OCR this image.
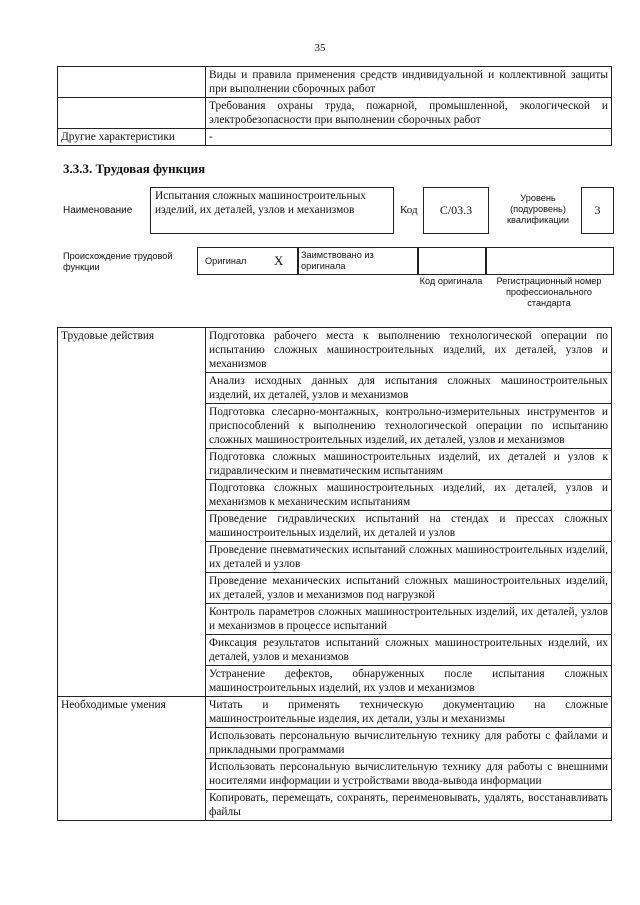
35
	Виды и правила применения средств индивидуальной и коллективной защиты при выполнении сборочных работ
	Требования охраны труда, пожарной, промышленной, экологической и электробезопасности при выполнении сборочных работ
Другие характеристики	-
3.3.3. Трудовая функция
Наименование
Испытания сложных машиностроительных изделий, их деталей, узлов и механизмов	Код	С/03.3
Уровень (подуровень) квалификации
3
Происхождение трудовой функции
Оригинал Х	Заимствовано из оригинала
Код оригинала	Регистрационный номер профессионального стандарта
Трудовые действия	Подготовка рабочего места к выполнению технологической операции по испытанию сложных машиностроительных изделий, их деталей, узлов и механизмов
	Анализ исходных данных для испытания сложных машиностроительных изделий, их деталей, узлов и механизмов
	Подготовка слесарно-монтажных, контрольно-измерительных инструментов и приспособлений к выполнению технологической операции по испытанию сложных машиностроительных изделий, их деталей, узлов и механизмов
	Подготовка сложных машиностроительных изделий, их деталей и узлов к гидравлическим и пневматическим испытаниям
	Подготовка сложных машиностроительных изделий, их деталей, узлов и механизмов к механическим испытаниям
	Проведение гидравлических испытаний на стендах и прессах сложных машиностроительных изделий, их деталей и узлов
	Проведение пневматических испытаний сложных машиностроительных изделий, их деталей и узлов
	Проведение механических испытаний сложных машиностроительных изделий, их деталей, узлов и механизмов под нагрузкой
	Контроль параметров сложных машиностроительных изделий, их деталей, узлов и механизмов в процессе испытаний
	Фиксация результатов испытаний сложных машиностроительных изделий, их деталей, узлов и механизмов
	Устранение дефектов, обнаруженных после испытания сложных машиностроительных изделий, их узлов и механизмов
Необходимые умения	Читать и применять техническую документацию на сложные машиностроительные изделия, их детали, узлы и механизмы
	Использовать персональную вычислительную технику для работы с файлами и прикладными программами
	Использовать персональную вычислительную технику для работы с внешними носителями информации и устройствами ввода-вывода информации
	Копировать, перемещать, сохранять, переименовывать, удалять, восстанавливать файлы
